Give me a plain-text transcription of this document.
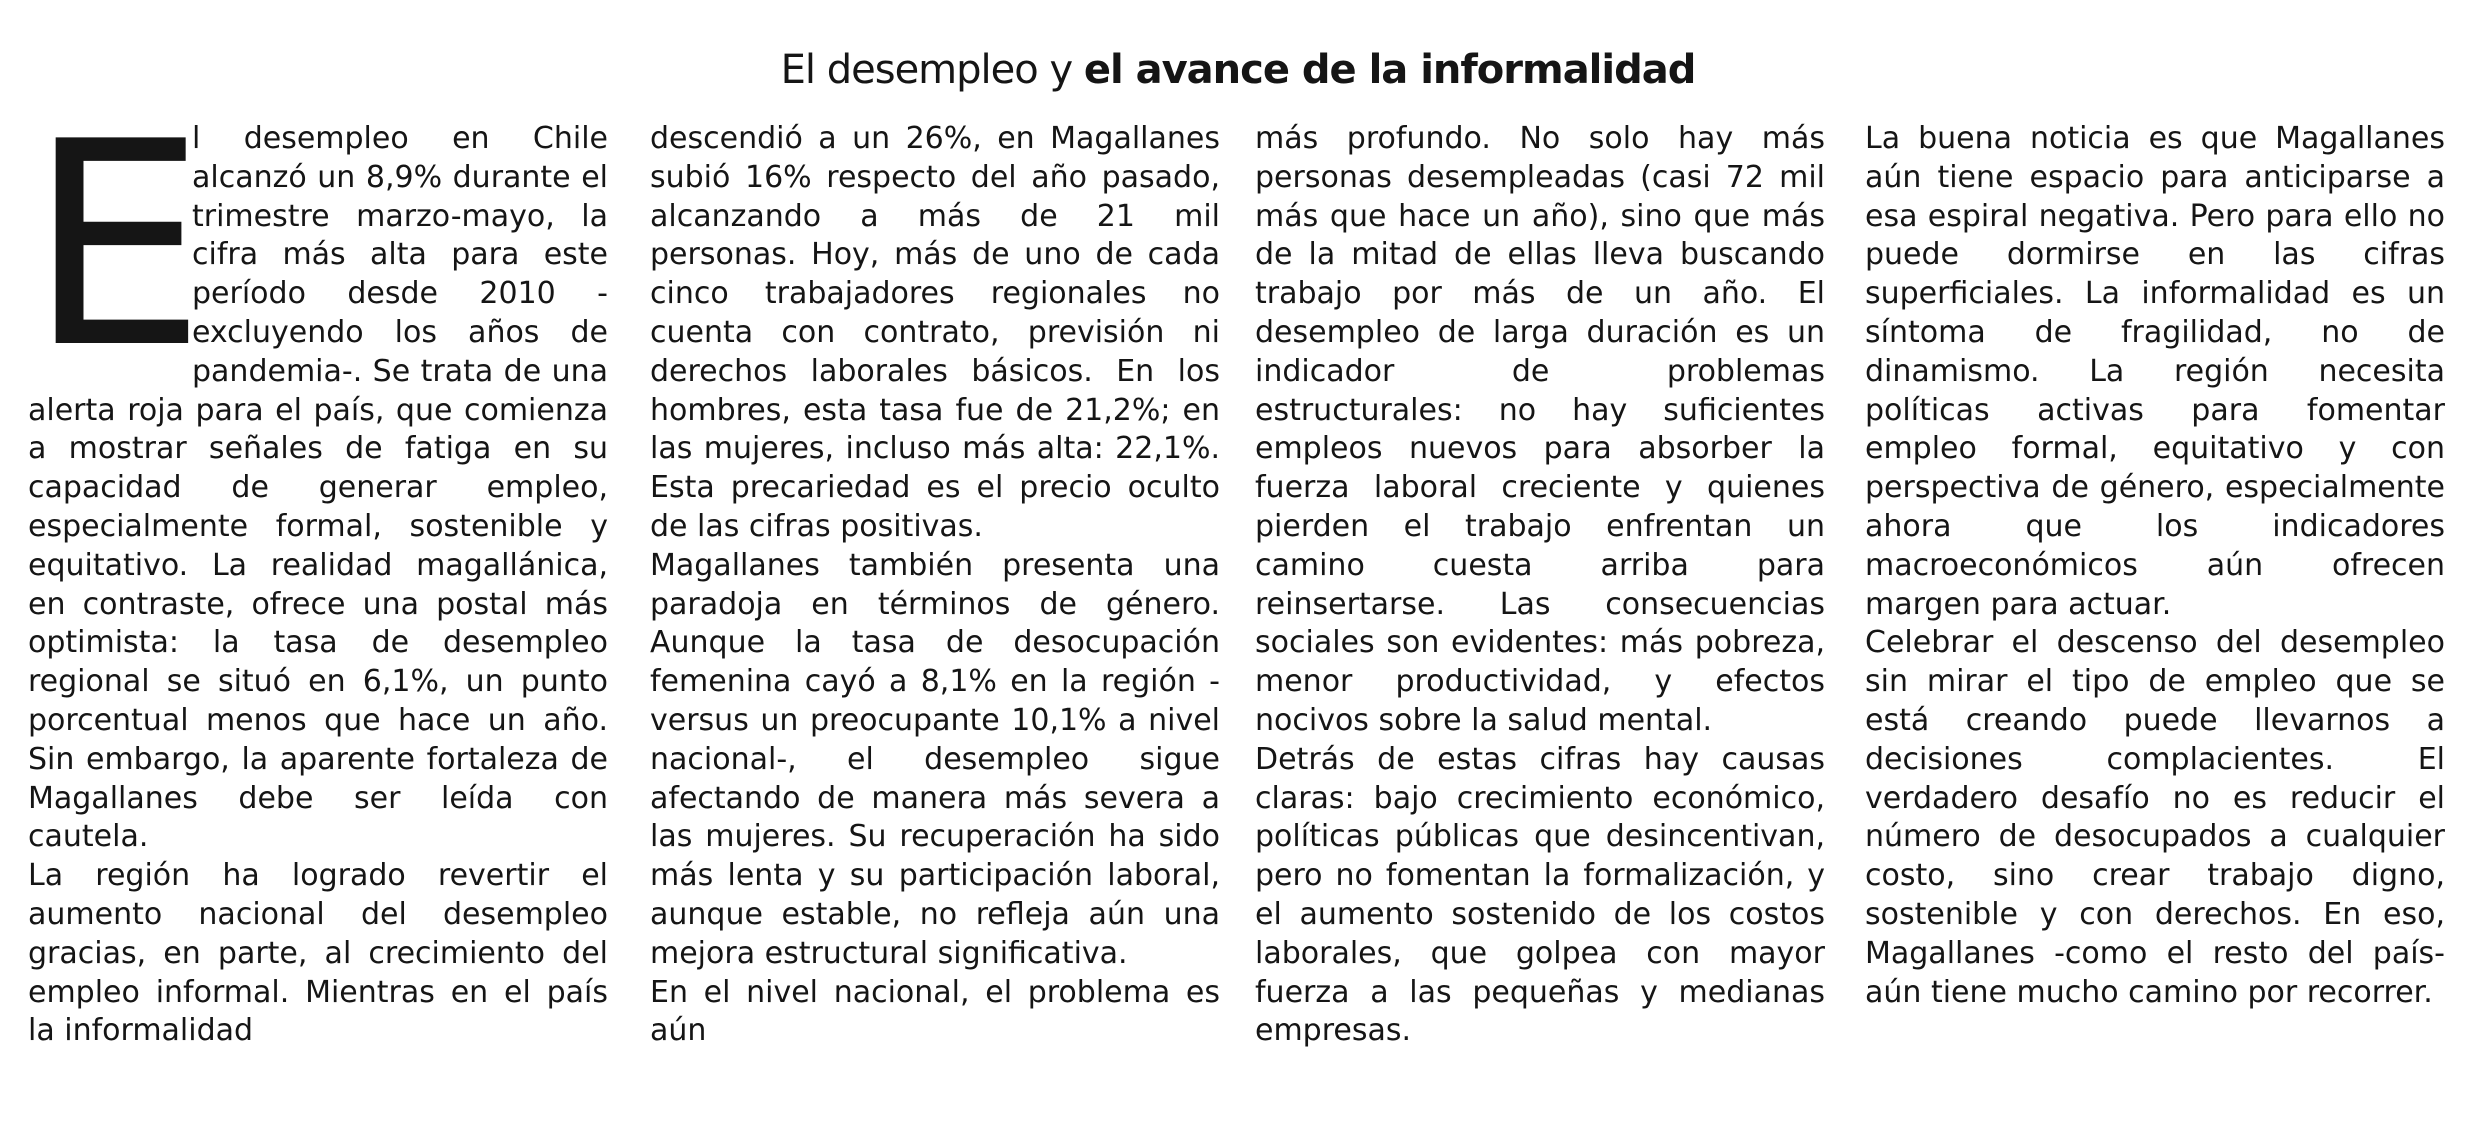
El desempleo y el avance de la informalidad
E

l desempleo en Chile alcanzó un 8,9% durante el trimestre marzo-mayo, la cifra más alta para este período desde 2010 -excluyendo los años de pandemia-. Se trata de una alerta roja para el país, que comienza a mostrar señales de fatiga en su capacidad de generar empleo, especialmente formal, sostenible y equitativo. La realidad magallánica, en contraste, ofrece una postal más optimista: la tasa de desempleo regional se situó en 6,1%, un punto porcentual menos que hace un año. Sin embargo, la aparente fortaleza de Magallanes debe ser leída con cautela.

La región ha logrado revertir el aumento nacional del desempleo gracias, en parte, al crecimiento del empleo informal. Mientras en el país la informalidad

descendió a un 26%, en Magallanes subió 16% respecto del año pasado, alcanzando a más de 21 mil personas. Hoy, más de uno de cada cinco trabajadores regionales no cuenta con contrato, previsión ni derechos laborales básicos. En los hombres, esta tasa fue de 21,2%; en las mujeres, incluso más alta: 22,1%. Esta precariedad es el precio oculto de las cifras positivas.

Magallanes también presenta una paradoja en términos de género. Aunque la tasa de desocupación femenina cayó a 8,1% en la región -versus un preocupante 10,1% a nivel nacional-, el desempleo sigue afectando de manera más severa a las mujeres. Su recuperación ha sido más lenta y su participación laboral, aunque estable, no refleja aún una mejora estructural significativa.

En el nivel nacional, el problema es aún

más profundo. No solo hay más personas desempleadas (casi 72 mil más que hace un año), sino que más de la mitad de ellas lleva buscando trabajo por más de un año. El desempleo de larga duración es un indicador de problemas estructurales: no hay suficientes empleos nuevos para absorber la fuerza laboral creciente y quienes pierden el trabajo enfrentan un camino cuesta arriba para reinsertarse. Las consecuencias sociales son evidentes: más pobreza, menor productividad, y efectos nocivos sobre la salud mental.

Detrás de estas cifras hay causas claras: bajo crecimiento económico, políticas públicas que desincentivan, pero no fomentan la formalización, y el aumento sostenido de los costos laborales, que golpea con mayor fuerza a las pequeñas y medianas empresas.

La buena noticia es que Magallanes aún tiene espacio para anticiparse a esa espiral negativa. Pero para ello no puede dormirse en las cifras superficiales. La informalidad es un síntoma de fragilidad, no de dinamismo. La región necesita políticas activas para fomentar empleo formal, equitativo y con perspectiva de género, especialmente ahora que los indicadores macroeconómicos aún ofrecen margen para actuar.

Celebrar el descenso del desempleo sin mirar el tipo de empleo que se está creando puede llevarnos a decisiones complacientes. El verdadero desafío no es reducir el número de desocupados a cualquier costo, sino crear trabajo digno, sostenible y con derechos. En eso, Magallanes -como el resto del país- aún tiene mucho camino por recorrer.
